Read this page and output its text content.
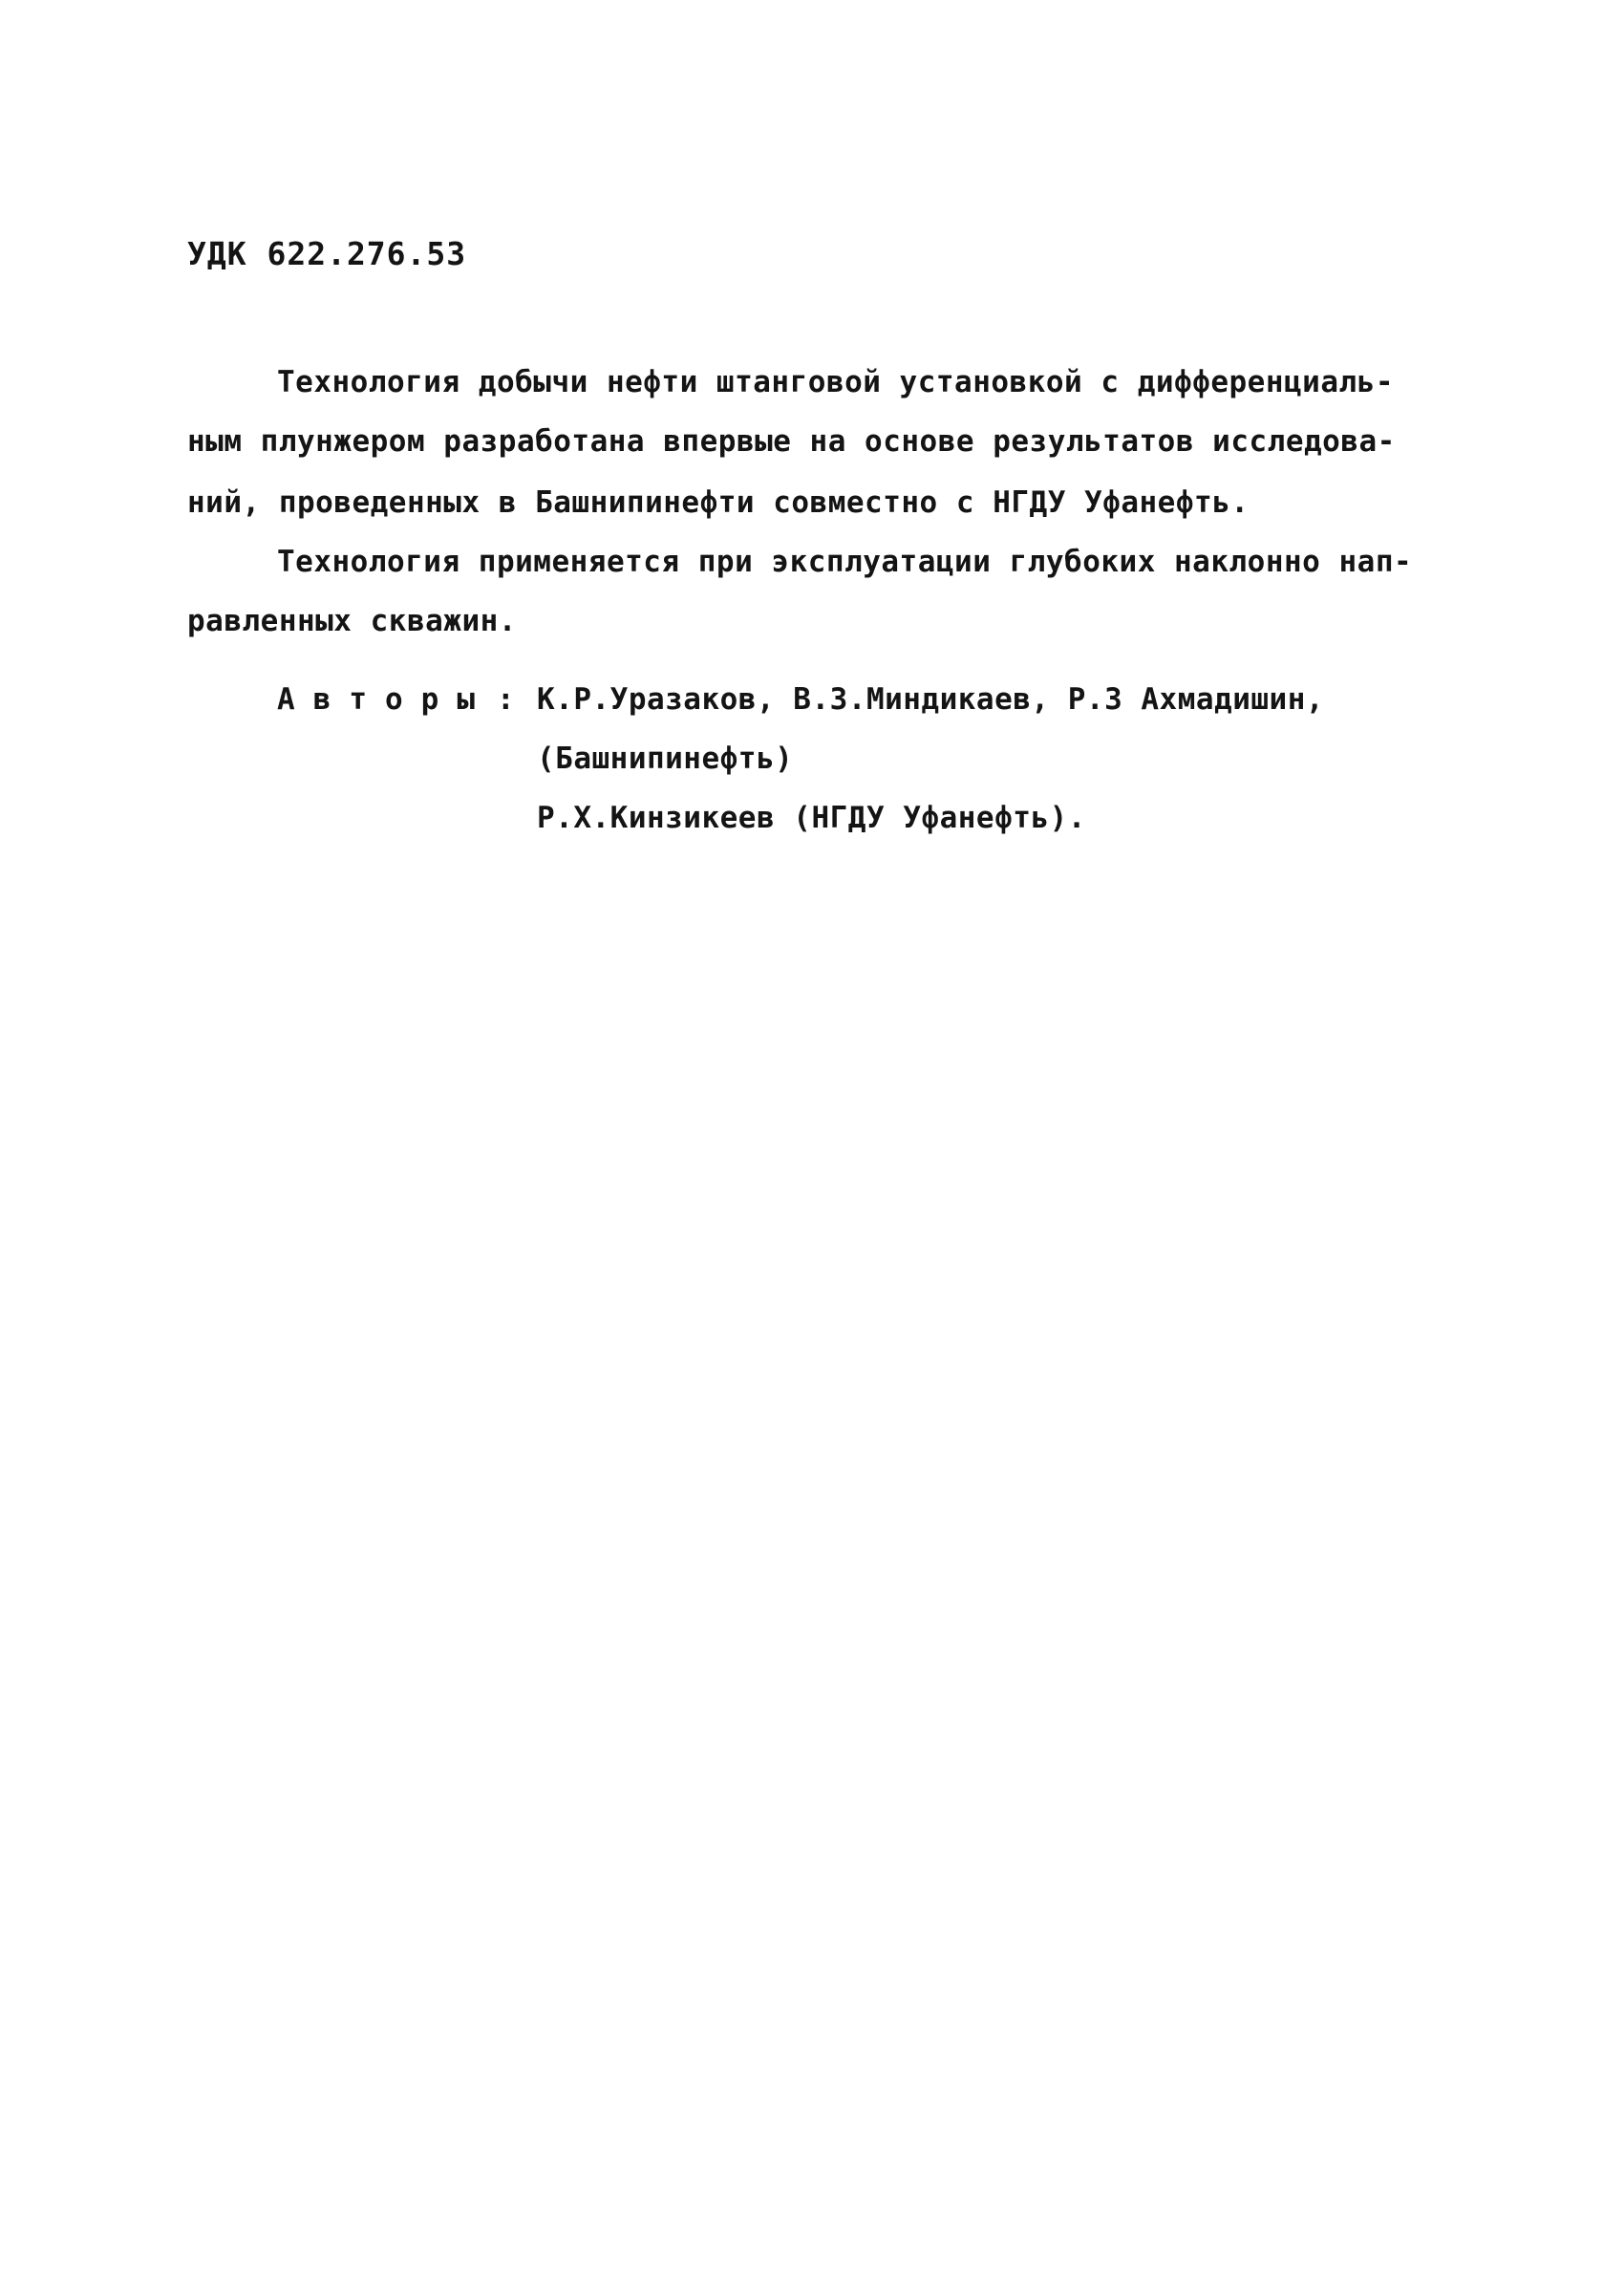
УДК 622.276.53
Технология добычи нефти штанговой установкой с дифференциаль-
ным плунжером разработана впервые на основе результатов исследова-
ний, проведенных в Башнипинефти совместно с НГДУ Уфанефть.
Технология применяется при эксплуатации глубоких наклонно нап-
равленных скважин.
Авторы : К.Р.Уразаков, В.З.Миндикаев, Р.З Ахмадишин,
(Башнипинефть)
Р.Х.Кинзикеев (НГДУ Уфанефть).
